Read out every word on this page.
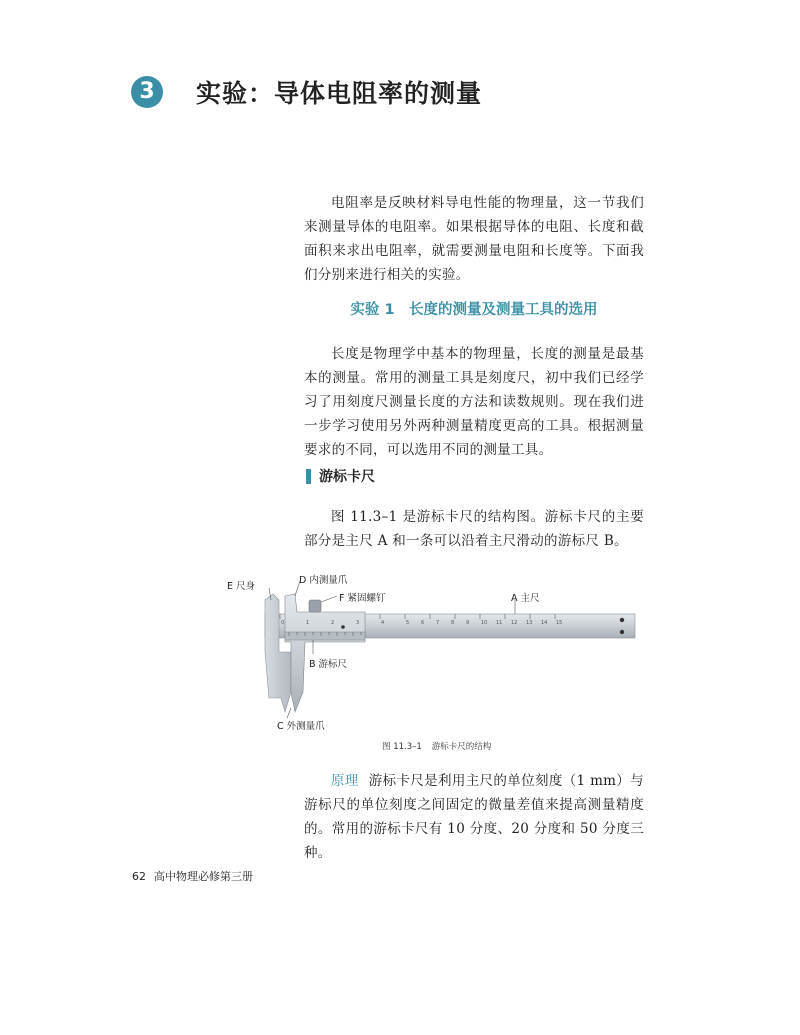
3	实验：导体电阻率的测量
电阻率是反映材料导电性能的物理量，这一节我们来测量导体的电阻率。如果根据导体的电阻、长度和截面积来求出电阻率，就需要测量电阻和长度等。下面我们分别来进行相关的实验。
实验 1　长度的测量及测量工具的选用
长度是物理学中基本的物理量，长度的测量是最基本的测量。常用的测量工具是刻度尺，初中我们已经学习了用刻度尺测量长度的方法和读数规则。现在我们进一步学习使用另外两种测量精度更高的工具。根据测量要求的不同，可以选用不同的测量工具。
游标卡尺
图 11.3–1 是游标卡尺的结构图。游标卡尺的主要部分是主尺 A 和一条可以沿着主尺滑动的游标尺 B。
0	1	2	3	4	5 6 7 8 9 10 11 12 13 14 15
E 尺身
D 内测量爪
F 紧固螺钉	A 主尺
B 游标尺
C 外测量爪
图 11.3–1 游标卡尺的结构
原理 游标卡尺是利用主尺的单位刻度（1 mm）与游标尺的单位刻度之间固定的微量差值来提高测量精度的。常用的游标卡尺有 10 分度、20 分度和 50 分度三种。
62 高中物理必修第三册
